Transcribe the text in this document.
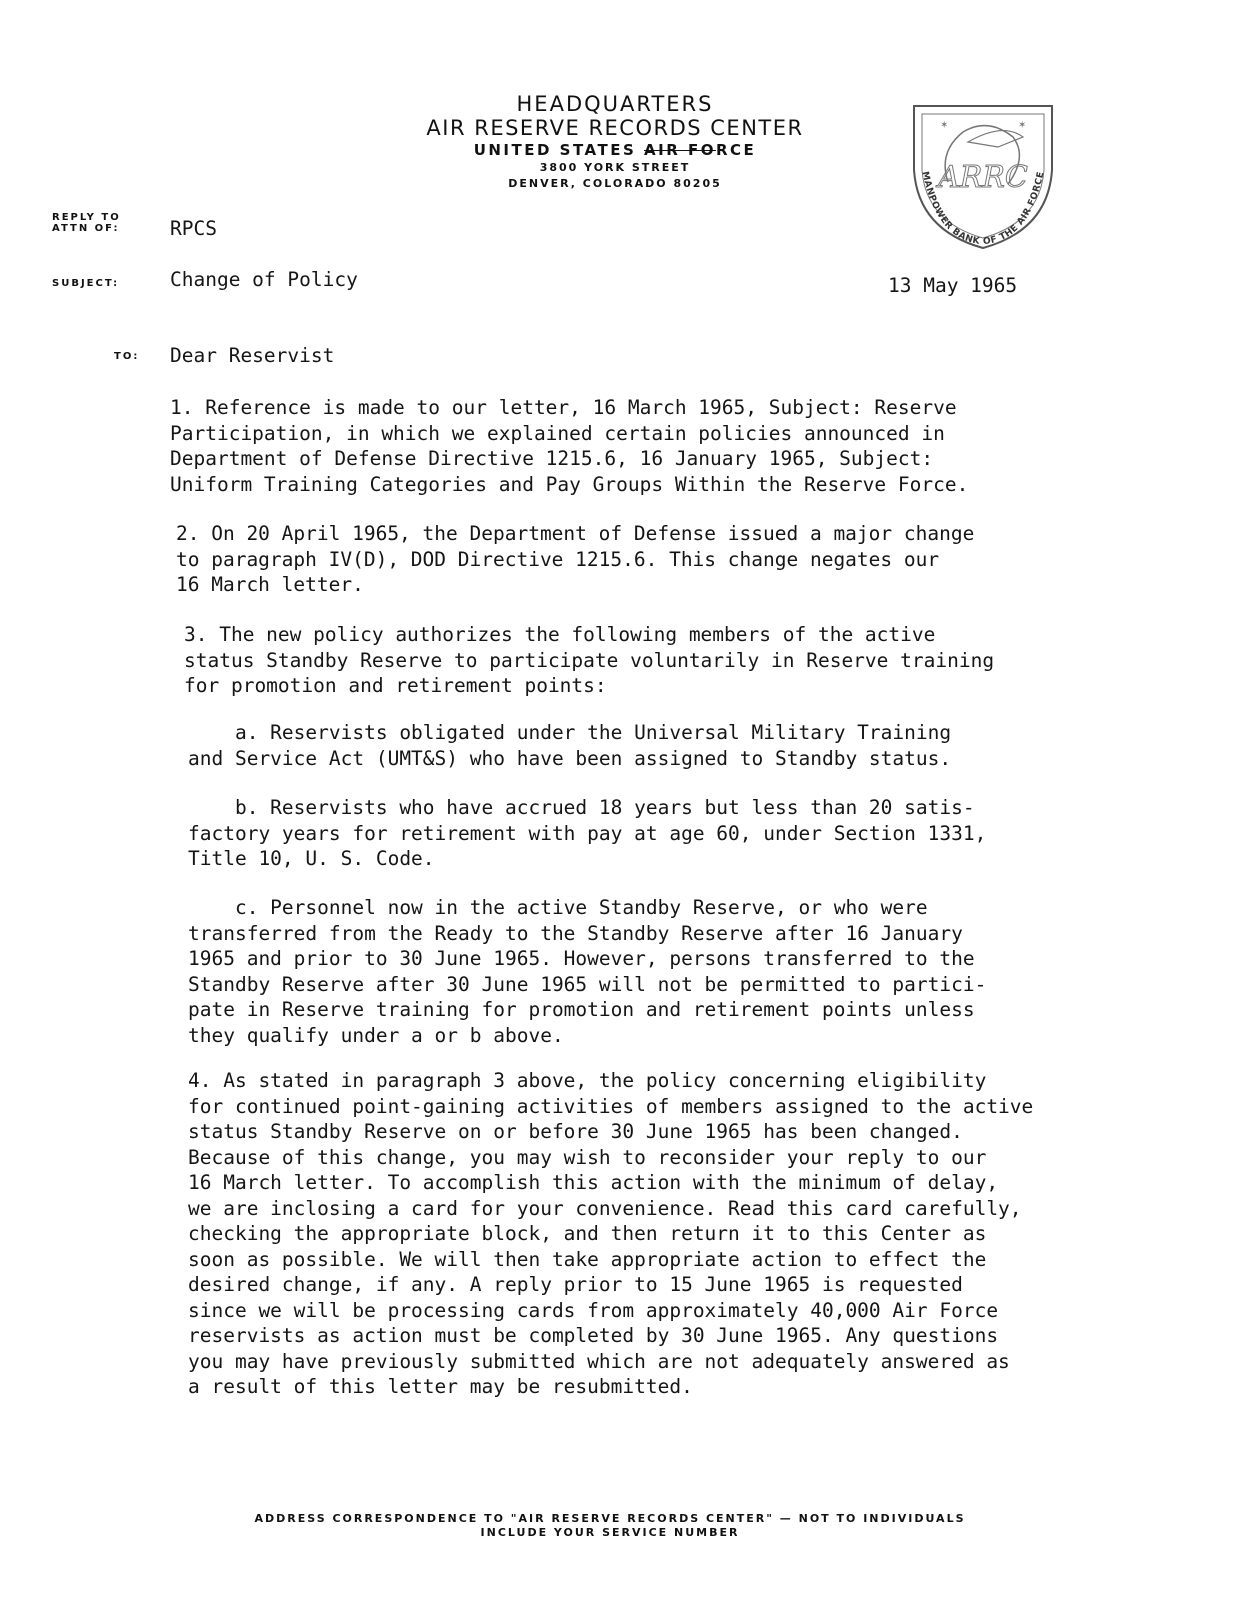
HEADQUARTERS
AIR RESERVE RECORDS CENTER
UNITED STATES AIR FORCE
3800 YORK STREET
DENVER, COLORADO 80205	ARRC
MANPOWER BANK OF THE AIR FORCE
✶	✶
REPLY TO
ATTN OF:	RPCS
SUBJECT:	Change of Policy	13 May 1965
TO: Dear Reservist
1. Reference is made to our letter, 16 March 1965, Subject: Reserve
Participation, in which we explained certain policies announced in
Department of Defense Directive 1215.6, 16 January 1965, Subject:
Uniform Training Categories and Pay Groups Within the Reserve Force.
2. On 20 April 1965, the Department of Defense issued a major change
to paragraph IV(D), DOD Directive 1215.6. This change negates our
16 March letter.
3. The new policy authorizes the following members of the active
status Standby Reserve to participate voluntarily in Reserve training
for promotion and retirement points:
a. Reservists obligated under the Universal Military Training
and Service Act (UMT&S) who have been assigned to Standby status.
b. Reservists who have accrued 18 years but less than 20 satis-
factory years for retirement with pay at age 60, under Section 1331,
Title 10, U. S. Code.
c. Personnel now in the active Standby Reserve, or who were
transferred from the Ready to the Standby Reserve after 16 January
1965 and prior to 30 June 1965. However, persons transferred to the
Standby Reserve after 30 June 1965 will not be permitted to partici-
pate in Reserve training for promotion and retirement points unless
they qualify under a or b above.
4. As stated in paragraph 3 above, the policy concerning eligibility
for continued point-gaining activities of members assigned to the active
status Standby Reserve on or before 30 June 1965 has been changed.
Because of this change, you may wish to reconsider your reply to our
16 March letter. To accomplish this action with the minimum of delay,
we are inclosing a card for your convenience. Read this card carefully,
checking the appropriate block, and then return it to this Center as
soon as possible. We will then take appropriate action to effect the
desired change, if any. A reply prior to 15 June 1965 is requested
since we will be processing cards from approximately 40,000 Air Force
reservists as action must be completed by 30 June 1965. Any questions
you may have previously submitted which are not adequately answered as
a result of this letter may be resubmitted.
ADDRESS CORRESPONDENCE TO "AIR RESERVE RECORDS CENTER" — NOT TO INDIVIDUALS
INCLUDE YOUR SERVICE NUMBER
